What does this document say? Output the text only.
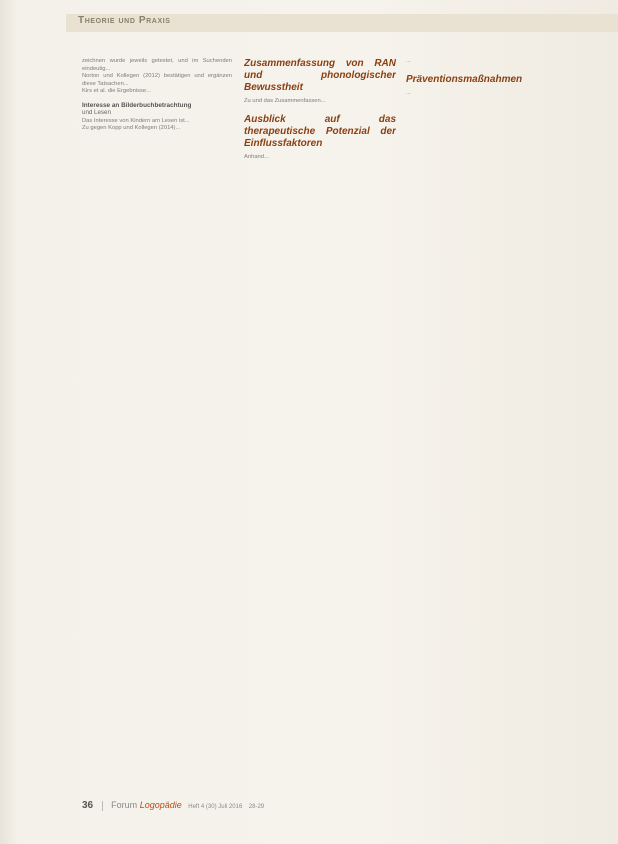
Theorie und Praxis

zeichnen wurde jeweils getestet, und im Suchenden eindeutig...

Norton und Kollegen (2012) bestätigen und ergänzen diese Tatsachen...

Kirs et al. die Ergebnisse...

Interesse an Bilderbuchbetrachtung
und Lesen

Das Interesse von Kindern am Lesen ist...

Zu gegen Kopp und Kollegen (2014)...

Zusammenfassung von RAN und phonologischer Bewusstheit

Zu und das Zusammenfassen...

Ausblick auf das therapeutische Potenzial der Einflussfaktoren

Anhand...

...

Präventionsmaßnahmen

...

36 Forum Logopädie Heft 4 (30) Juli 2016 28-29
